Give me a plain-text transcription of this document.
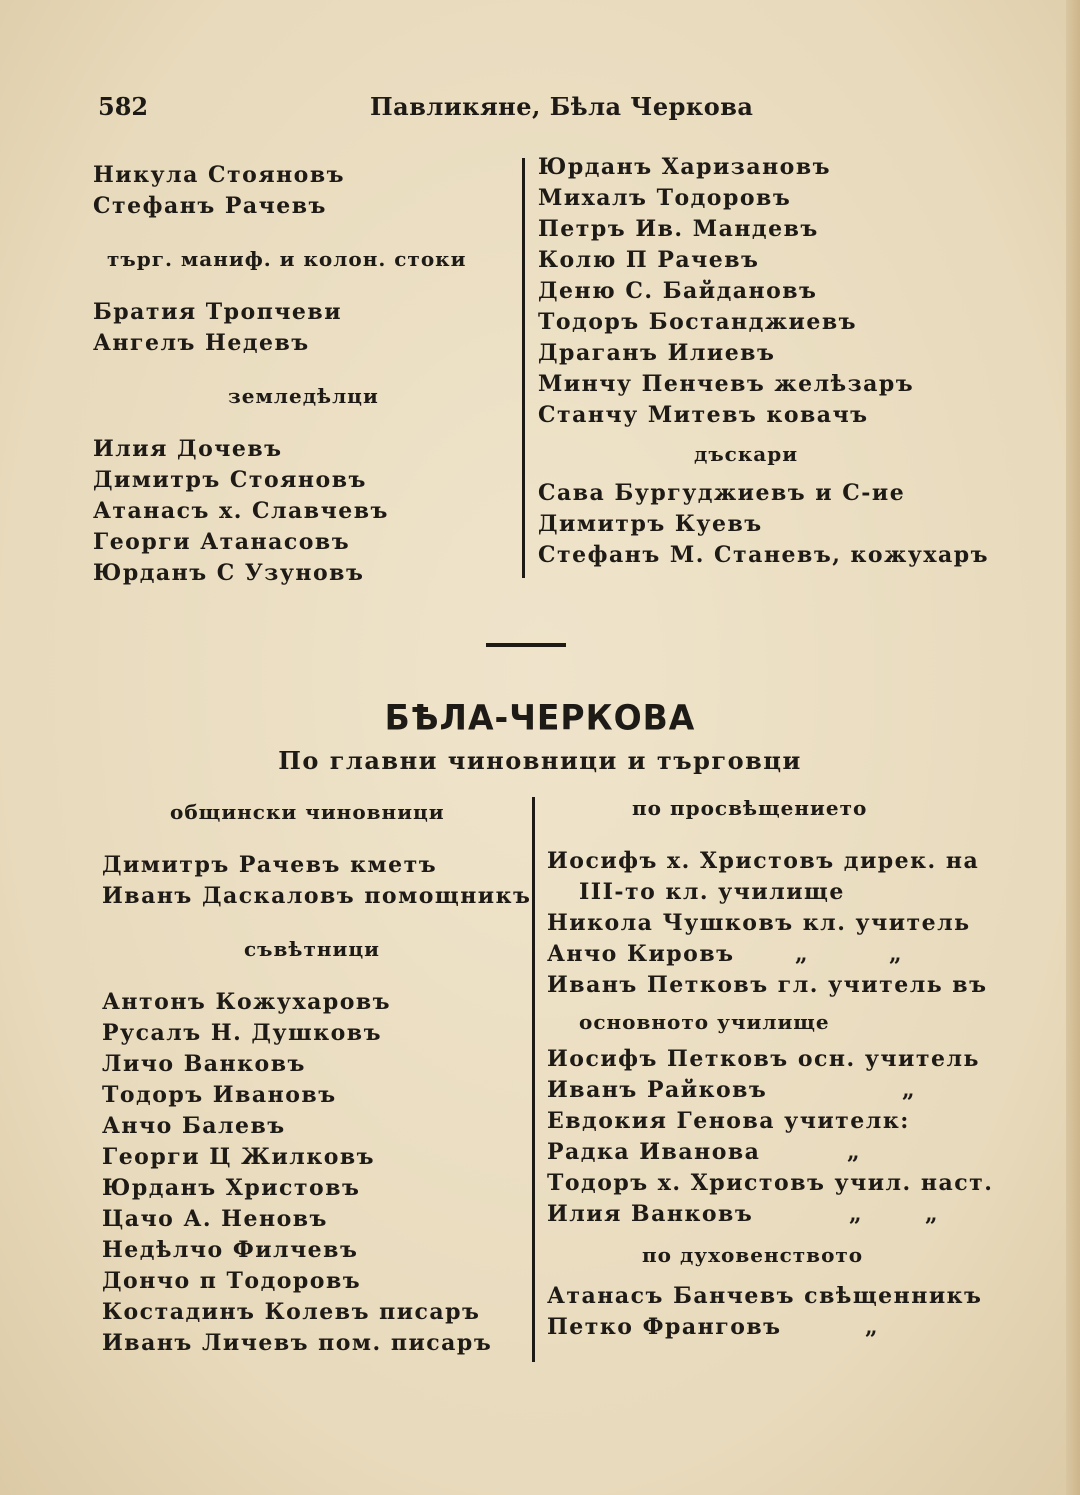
582	Павликяне, Бѣла Черкова
Никула Стояновъ
Стефанъ Рачевъ
търг. маниф. и колон. стоки
Братия Тропчеви
Ангелъ Недевъ
земледѣлци
Илия Дочевъ
Димитръ Стояновъ
Атанасъ х. Славчевъ
Георги Атанасовъ
Юрданъ С Узуновъ
Юрданъ Харизановъ
Михалъ Тодоровъ
Петръ Ив. Мандевъ
Колю П Рачевъ
Деню С. Байдановъ
Тодоръ Бостанджиевъ
Драганъ Илиевъ
Минчу Пенчевъ желѣзаръ
Станчу Митевъ ковачъ
дъскари
Сава Бургуджиевъ и С-ие
Димитръ Куевъ
Стефанъ М. Станевъ, кожухаръ
БѢЛА-ЧЕРКОВА
По главни чиновници и търговци
общински чиновници
Димитръ Рачевъ кметъ
Иванъ Даскаловъ помощникъ
съвѣтници
Антонъ Кожухаровъ
Русалъ Н. Душковъ
Личо Ванковъ
Тодоръ Ивановъ
Анчо Балевъ
Георги Ц Жилковъ
Юрданъ Христовъ
Цачо А. Неновъ
Недѣлчо Филчевъ
Дончо п Тодоровъ
Костадинъ Колевъ писаръ
Иванъ Личевъ пом. писаръ
по просвѣщението
Иосифъ х. Христовъ дирек. на
III-то кл. училище
Никола Чушковъ кл. учитель
Анчо Кировъ	„	„
Иванъ Петковъ гл. учитель въ
основното училище
Иосифъ Петковъ осн. учитель
Иванъ Райковъ	„
Евдокия Генова учителк:
Радка Иванова	„
Тодоръ х. Христовъ учил. наст.
Илия Ванковъ	„	„
по духовенството
Атанасъ Банчевъ свѣщенникъ
Петко Франговъ	„
